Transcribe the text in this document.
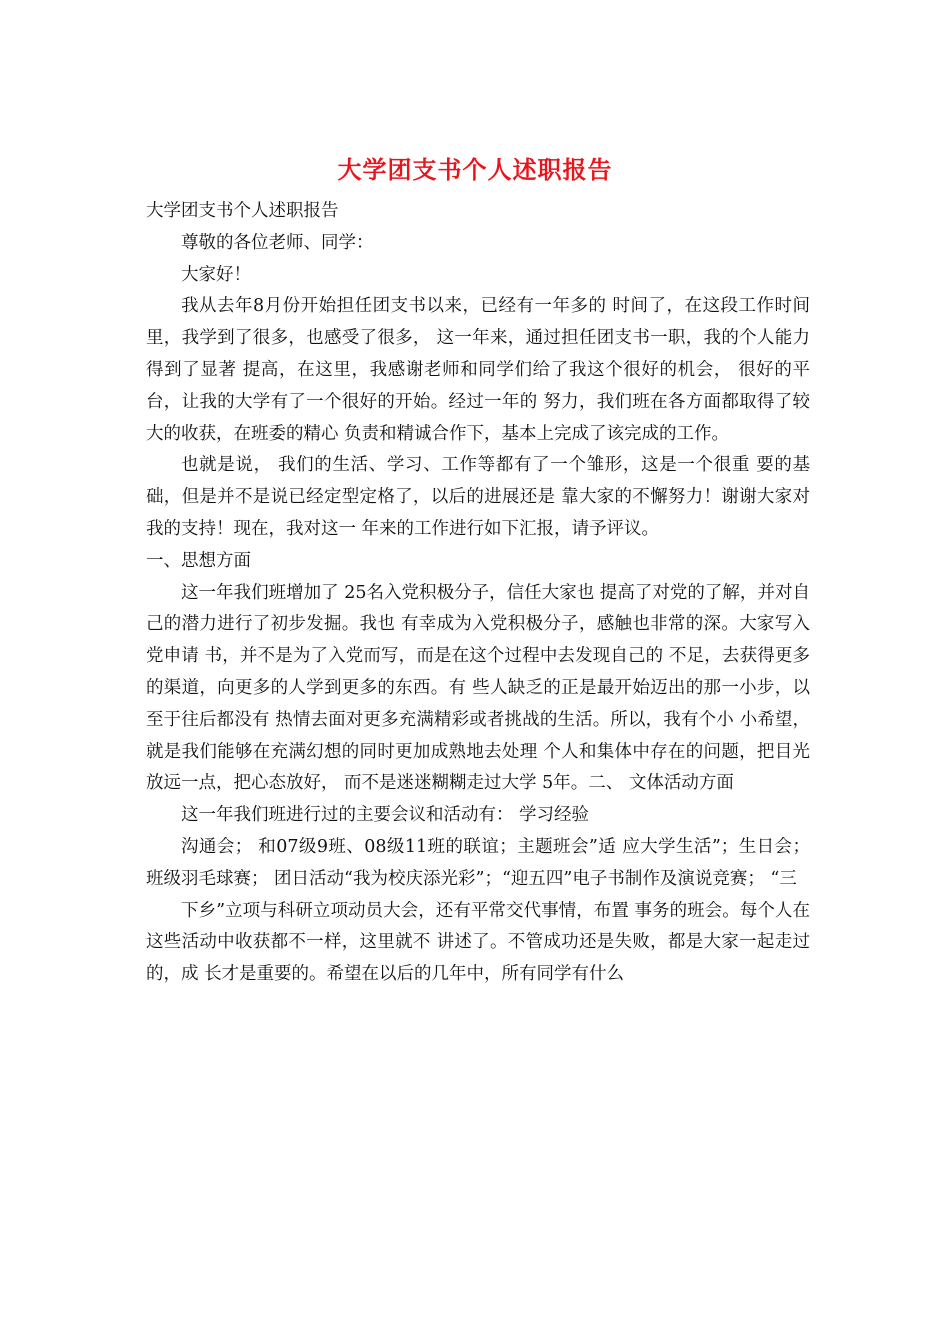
大学团支书个人述职报告

大学团支书个人述职报告

尊敬的各位老师、同学：

大家好！

我从去年8月份开始担任团支书以来，已经有一年多的 时间了，在这段工作时间里，我学到了很多，也感受了很多， 这一年来，通过担任团支书一职，我的个人能力得到了显著 提高，在这里，我感谢老师和同学们给了我这个很好的机会， 很好的平台，让我的大学有了一个很好的开始。经过一年的 努力，我们班在各方面都取得了较大的收获，在班委的精心 负责和精诚合作下，基本上完成了该完成的工作。

也就是说， 我们的生活、学习、工作等都有了一个雏形，这是一个很重 要的基础，但是并不是说已经定型定格了，以后的进展还是 靠大家的不懈努力！谢谢大家对我的支持！现在，我对这一 年来的工作进行如下汇报，请予评议。

一、思想方面

这一年我们班增加了 25名入党积极分子，信任大家也 提高了对党的了解，并对自己的潜力进行了初步发掘。我也 有幸成为入党积极分子，感触也非常的深。大家写入党申请 书，并不是为了入党而写，而是在这个过程中去发现自己的 不足，去获得更多的渠道，向更多的人学到更多的东西。有 些人缺乏的正是最开始迈出的那一小步，以至于往后都没有 热情去面对更多充满精彩或者挑战的生活。所以，我有个小 小希望，就是我们能够在充满幻想的同时更加成熟地去处理 个人和集体中存在的问题，把目光放远一点，把心态放好， 而不是迷迷糊糊走过大学 5年。二、 文体活动方面

这一年我们班进行过的主要会议和活动有： 学习经验

沟通会； 和07级9班、08级11班的联谊；主题班会”适 应大学生活”；生日会；班级羽毛球赛； 团日活动“我为校庆添光彩”；“迎五四”电子书制作及演说竞赛； “三

下乡”立项与科研立项动员大会，还有平常交代事情，布置 事务的班会。每个人在这些活动中收获都不一样，这里就不 讲述了。不管成功还是失败，都是大家一起走过的，成 长才是重要的。希望在以后的几年中，所有同学有什么
